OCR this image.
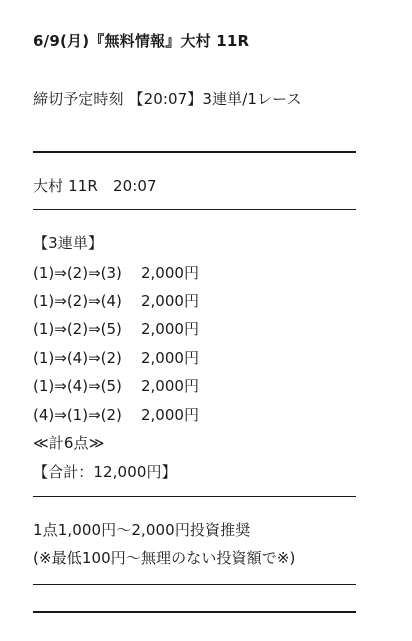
6/9(月)『無料情報』大村 11R
締切予定時刻 【20:07】3連単/1レース
大村 11R　20:07
【3連単】
(1)⇒(2)⇒(3) 2,000円
(1)⇒(2)⇒(4) 2,000円
(1)⇒(2)⇒(5) 2,000円
(1)⇒(4)⇒(2) 2,000円
(1)⇒(4)⇒(5) 2,000円
(4)⇒(1)⇒(2) 2,000円
≪計6点≫
【合計：12,000円】
1点1,000円〜2,000円投資推奨
(※最低100円〜無理のない投資額で※)
